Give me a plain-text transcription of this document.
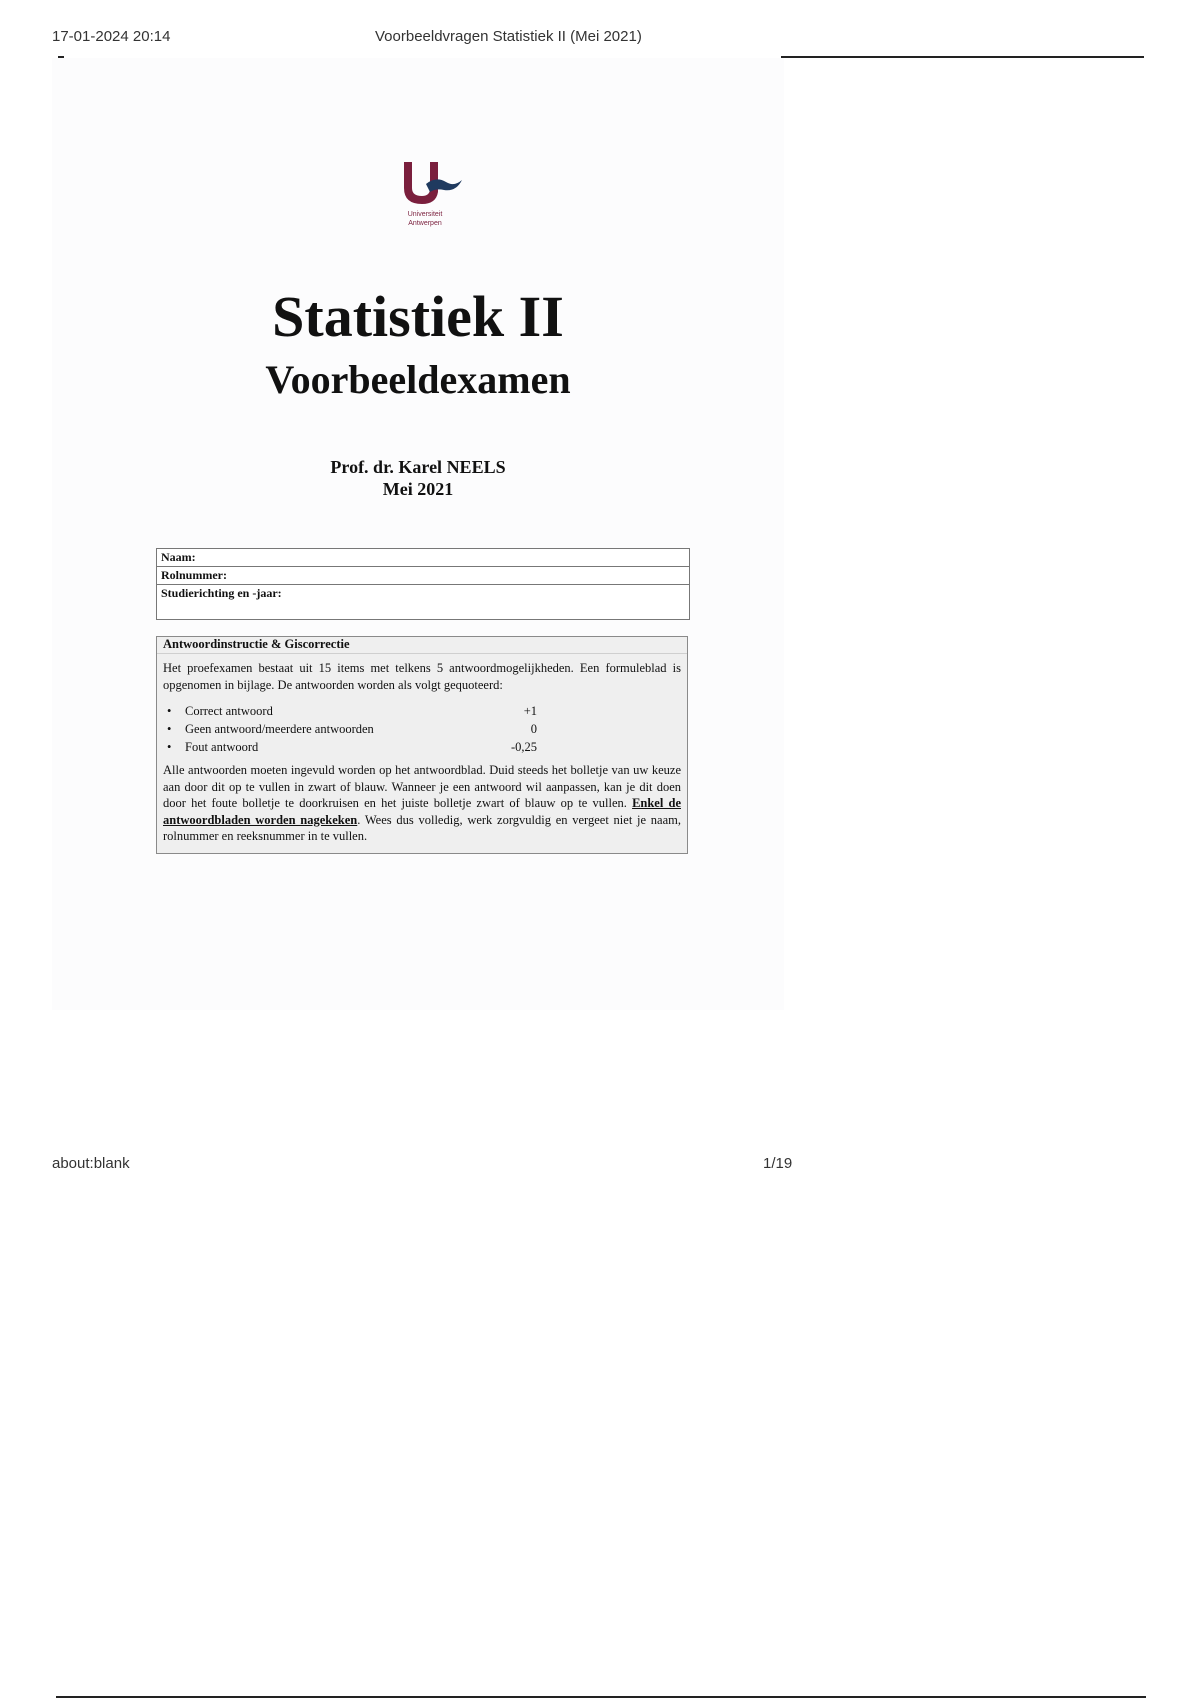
17-01-2024 20:14	Voorbeeldvragen Statistiek II (Mei 2021)
Universiteit
Antwerpen
Statistiek II
Voorbeeldexamen
Prof. dr. Karel NEELS
Mei 2021
Naam:
Rolnummer:
Studierichting en -jaar:
Antwoordinstructie & Giscorrectie

Het proefexamen bestaat uit 15 items met telkens 5 antwoordmogelijkheden. Een formuleblad is opgenomen in bijlage. De antwoorden worden als volgt gequoteerd:

• Correct antwoord	+1
• Geen antwoord/meerdere antwoorden	0
• Fout antwoord	-0,25

Alle antwoorden moeten ingevuld worden op het antwoordblad. Duid steeds het bolletje van uw keuze aan door dit op te vullen in zwart of blauw. Wanneer je een antwoord wil aanpassen, kan je dit doen door het foute bolletje te doorkruisen en het juiste bolletje zwart of blauw op te vullen. Enkel de antwoordbladen worden nagekeken. Wees dus volledig, werk zorgvuldig en vergeet niet je naam, rolnummer en reeksnummer in te vullen.

about:blank	1/19
